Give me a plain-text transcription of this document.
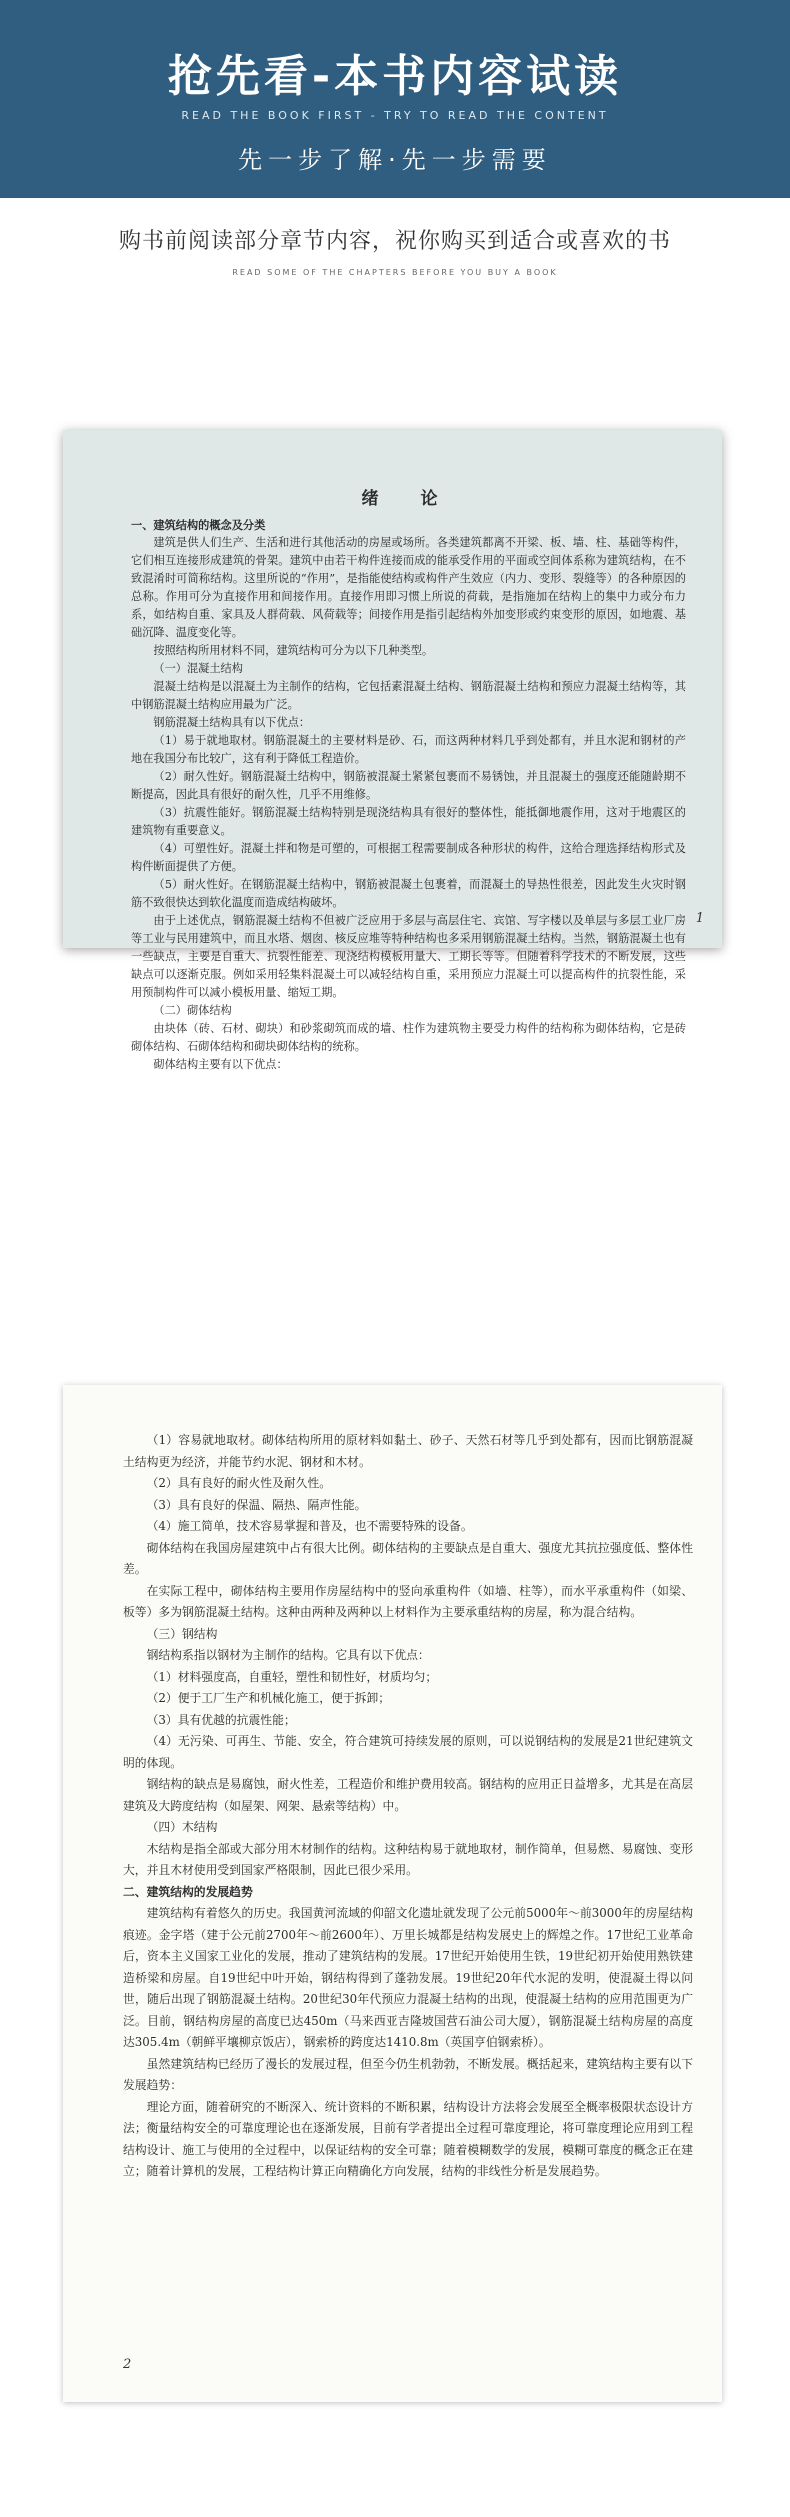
抢先看-本书内容试读
READ THE BOOK FIRST - TRY TO READ THE CONTENT
先一步了解·先一步需要
购书前阅读部分章节内容，祝你购买到适合或喜欢的书
READ SOME OF THE CHAPTERS BEFORE YOU BUY A BOOK
绪 论

一、建筑结构的概念及分类

建筑是供人们生产、生活和进行其他活动的房屋或场所。各类建筑都离不开梁、板、墙、柱、基础等构件，它们相互连接形成建筑的骨架。建筑中由若干构件连接而成的能承受作用的平面或空间体系称为建筑结构，在不致混淆时可简称结构。这里所说的“作用”，是指能使结构或构件产生效应（内力、变形、裂缝等）的各种原因的总称。作用可分为直接作用和间接作用。直接作用即习惯上所说的荷载，是指施加在结构上的集中力或分布力系，如结构自重、家具及人群荷载、风荷载等；间接作用是指引起结构外加变形或约束变形的原因，如地震、基础沉降、温度变化等。

按照结构所用材料不同，建筑结构可分为以下几种类型。

（一）混凝土结构

混凝土结构是以混凝土为主制作的结构，它包括素混凝土结构、钢筋混凝土结构和预应力混凝土结构等，其中钢筋混凝土结构应用最为广泛。

钢筋混凝土结构具有以下优点：

（1）易于就地取材。钢筋混凝土的主要材料是砂、石，而这两种材料几乎到处都有，并且水泥和钢材的产地在我国分布比较广，这有利于降低工程造价。

（2）耐久性好。钢筋混凝土结构中，钢筋被混凝土紧紧包裹而不易锈蚀，并且混凝土的强度还能随龄期不断提高，因此具有很好的耐久性，几乎不用维修。

（3）抗震性能好。钢筋混凝土结构特别是现浇结构具有很好的整体性，能抵御地震作用，这对于地震区的建筑物有重要意义。

（4）可塑性好。混凝土拌和物是可塑的，可根据工程需要制成各种形状的构件，这给合理选择结构形式及构件断面提供了方便。

（5）耐火性好。在钢筋混凝土结构中，钢筋被混凝土包裹着，而混凝土的导热性很差，因此发生火灾时钢筋不致很快达到软化温度而造成结构破坏。

由于上述优点，钢筋混凝土结构不但被广泛应用于多层与高层住宅、宾馆、写字楼以及单层与多层工业厂房等工业与民用建筑中，而且水塔、烟囱、核反应堆等特种结构也多采用钢筋混凝土结构。当然，钢筋混凝土也有一些缺点，主要是自重大、抗裂性能差、现浇结构模板用量大、工期长等等。但随着科学技术的不断发展，这些缺点可以逐渐克服。例如采用轻集料混凝土可以减轻结构自重，采用预应力混凝土可以提高构件的抗裂性能，采用预制构件可以减小模板用量、缩短工期。

（二）砌体结构

由块体（砖、石材、砌块）和砂浆砌筑而成的墙、柱作为建筑物主要受力构件的结构称为砌体结构，它是砖砌体结构、石砌体结构和砌块砌体结构的统称。

砌体结构主要有以下优点：

1

（1）容易就地取材。砌体结构所用的原材料如黏土、砂子、天然石材等几乎到处都有，因而比钢筋混凝土结构更为经济，并能节约水泥、钢材和木材。

（2）具有良好的耐火性及耐久性。

（3）具有良好的保温、隔热、隔声性能。

（4）施工简单，技术容易掌握和普及，也不需要特殊的设备。

砌体结构在我国房屋建筑中占有很大比例。砌体结构的主要缺点是自重大、强度尤其抗拉强度低、整体性差。

在实际工程中，砌体结构主要用作房屋结构中的竖向承重构件（如墙、柱等），而水平承重构件（如梁、板等）多为钢筋混凝土结构。这种由两种及两种以上材料作为主要承重结构的房屋，称为混合结构。

（三）钢结构

钢结构系指以钢材为主制作的结构。它具有以下优点：

（1）材料强度高，自重轻，塑性和韧性好，材质均匀；

（2）便于工厂生产和机械化施工，便于拆卸；

（3）具有优越的抗震性能；

（4）无污染、可再生、节能、安全，符合建筑可持续发展的原则，可以说钢结构的发展是21世纪建筑文明的体现。

钢结构的缺点是易腐蚀，耐火性差，工程造价和维护费用较高。钢结构的应用正日益增多，尤其是在高层建筑及大跨度结构（如屋架、网架、悬索等结构）中。

（四）木结构

木结构是指全部或大部分用木材制作的结构。这种结构易于就地取材，制作简单，但易燃、易腐蚀、变形大，并且木材使用受到国家严格限制，因此已很少采用。

二、建筑结构的发展趋势

建筑结构有着悠久的历史。我国黄河流域的仰韶文化遗址就发现了公元前5000年～前3000年的房屋结构痕迹。金字塔（建于公元前2700年～前2600年）、万里长城都是结构发展史上的辉煌之作。17世纪工业革命后，资本主义国家工业化的发展，推动了建筑结构的发展。17世纪开始使用生铁，19世纪初开始使用熟铁建造桥梁和房屋。自19世纪中叶开始，钢结构得到了蓬勃发展。19世纪20年代水泥的发明，使混凝土得以问世，随后出现了钢筋混凝土结构。20世纪30年代预应力混凝土结构的出现，使混凝土结构的应用范围更为广泛。目前，钢结构房屋的高度已达450m（马来西亚吉隆坡国营石油公司大厦），钢筋混凝土结构房屋的高度达305.4m（朝鲜平壤柳京饭店），钢索桥的跨度达1410.8m（英国亨伯钢索桥）。

虽然建筑结构已经历了漫长的发展过程，但至今仍生机勃勃，不断发展。概括起来，建筑结构主要有以下发展趋势：

理论方面，随着研究的不断深入、统计资料的不断积累，结构设计方法将会发展至全概率极限状态设计方法；衡量结构安全的可靠度理论也在逐渐发展，目前有学者提出全过程可靠度理论，将可靠度理论应用到工程结构设计、施工与使用的全过程中，以保证结构的安全可靠；随着模糊数学的发展，模糊可靠度的概念正在建立；随着计算机的发展，工程结构计算正向精确化方向发展，结构的非线性分析是发展趋势。

2
